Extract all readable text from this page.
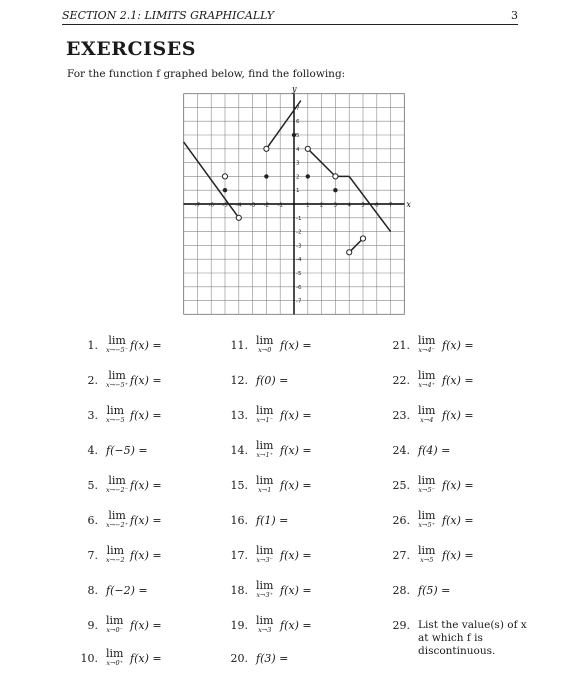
SECTION 2.1: LIMITS GRAPHICALLY	3
EXERCISES
For the function f graphed below, find the following:
-7 -6 -5 -4 -3 -2 -1	1 2 3 4 5 6 7
7
6
5
4
3
2
1
-1
-2
-3
-4
-5
-6
-7
y
x
1. lim
x→−5⁻ f(x) =
2. lim
x→−5⁺ f(x) =
3. lim
x→−5 f(x) =
4. f(−5) =
5. lim
x→−2⁻ f(x) =
6. lim
x→−2⁺ f(x) =
7. lim
x→−2 f(x) =
8. f(−2) =
9. lim
x→0⁻ f(x) =
10. lim
x→0⁺ f(x) =
11. lim
x→0 f(x) =
12. f(0) =
13. lim
x→1⁻ f(x) =
14. lim
x→1⁺ f(x) =
15. lim
x→1 f(x) =
16. f(1) =
17. lim
x→3⁻ f(x) =
18. lim
x→3⁺ f(x) =
19. lim
x→3 f(x) =
20. f(3) =
21. lim
x→4⁻ f(x) =
22. lim
x→4⁺ f(x) =
23. lim
x→4 f(x) =
24. f(4) =
25. lim
x→5⁻ f(x) =
26. lim
x→5⁺ f(x) =
27. lim
x→5 f(x) =
28. f(5) =
29. List the value(s) of x at which f is discontinuous.
